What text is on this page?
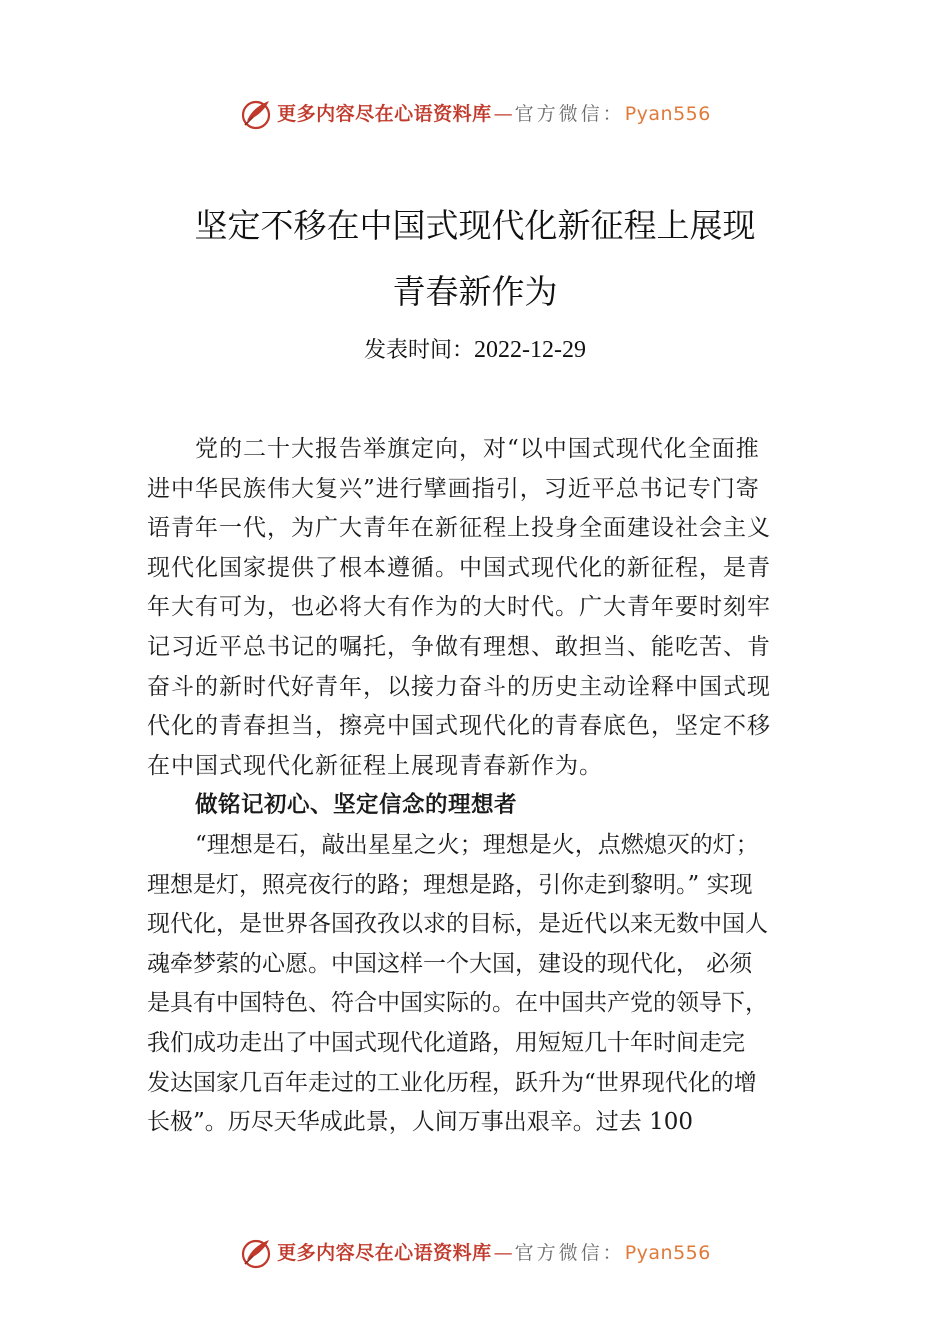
更多内容尽在心语资料库 — 官方微信： Pyan556
坚定不移在中国式现代化新征程上展现
青春新作为
发表时间：2022-12-29
党的二十大报告举旗定向，对“以中国式现代化全面推
进中华民族伟大复兴”进行擘画指引，习近平总书记专门寄
语青年一代，为广大青年在新征程上投身全面建设社会主义
现代化国家提供了根本遵循。中国式现代化的新征程，是青
年大有可为，也必将大有作为的大时代。广大青年要时刻牢
记习近平总书记的嘱托，争做有理想、敢担当、能吃苦、肯
奋斗的新时代好青年，以接力奋斗的历史主动诠释中国式现
代化的青春担当，擦亮中国式现代化的青春底色，坚定不移
在中国式现代化新征程上展现青春新作为。
做铭记初心、坚定信念的理想者
“理想是石，敲出星星之火；理想是火，点燃熄灭的灯；
理想是灯，照亮夜行的路；理想是路，引你走到黎明。” 实现
现代化，是世界各国孜孜以求的目标，是近代以来无数中国人
魂牵梦萦的心愿。中国这样一个大国，建设的现代化， 必须
是具有中国特色、符合中国实际的。在中国共产党的领导下，
我们成功走出了中国式现代化道路，用短短几十年时间走完
发达国家几百年走过的工业化历程，跃升为“世界现代化的增
长极”。历尽天华成此景，人间万事出艰辛。过去 100
更多内容尽在心语资料库 — 官方微信： Pyan556
